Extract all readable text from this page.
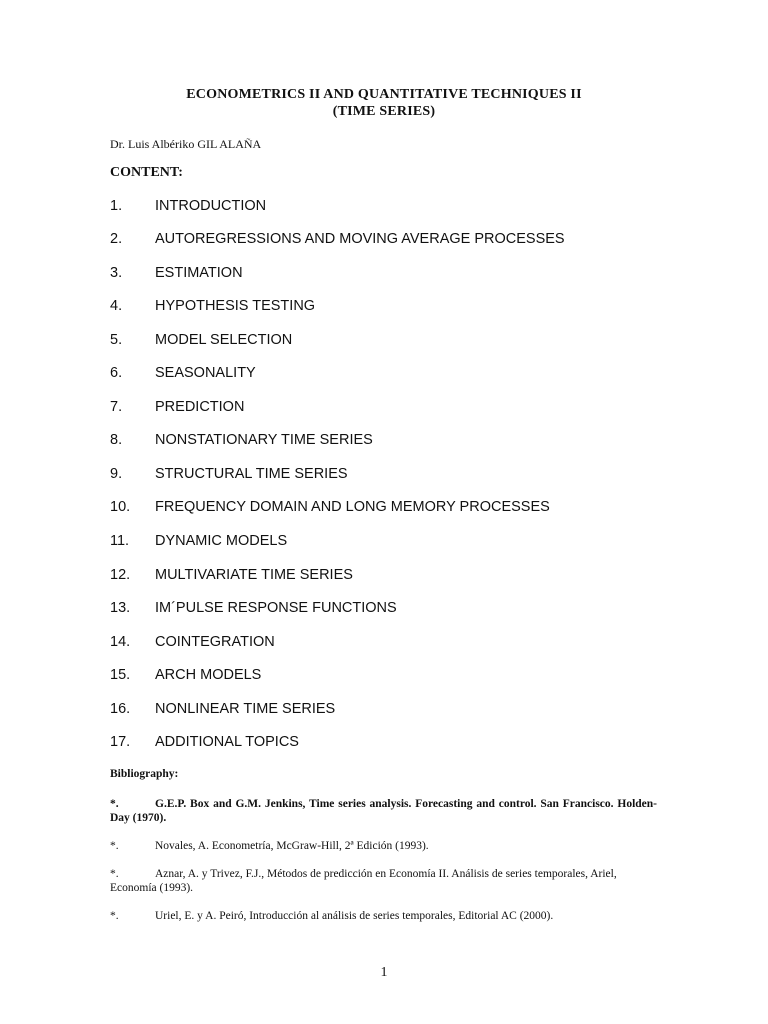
ECONOMETRICS II AND QUANTITATIVE TECHNIQUES II
(TIME SERIES)
Dr. Luis Albériko GIL ALAÑA
CONTENT:
1. INTRODUCTION
2. AUTOREGRESSIONS AND MOVING AVERAGE PROCESSES
3. ESTIMATION
4. HYPOTHESIS TESTING
5. MODEL SELECTION
6. SEASONALITY
7. PREDICTION
8. NONSTATIONARY TIME SERIES
9. STRUCTURAL TIME SERIES
10. FREQUENCY DOMAIN AND LONG MEMORY PROCESSES
11. DYNAMIC MODELS
12. MULTIVARIATE TIME SERIES
13. IM´PULSE RESPONSE FUNCTIONS
14. COINTEGRATION
15. ARCH MODELS
16. NONLINEAR TIME SERIES
17. ADDITIONAL TOPICS
Bibliography:
*.	G.E.P. Box and G.M. Jenkins, Time series analysis. Forecasting and control. San Francisco. Holden-Day (1970).

*.	Novales, A. Econometría, McGraw-Hill, 2ª Edición (1993).

*.	Aznar, A. y Trivez, F.J., Métodos de predicción en Economía II. Análisis de series temporales, Ariel, Economía (1993).

*.	Uriel, E. y A. Peiró, Introducción al análisis de series temporales, Editorial AC (2000).

1
